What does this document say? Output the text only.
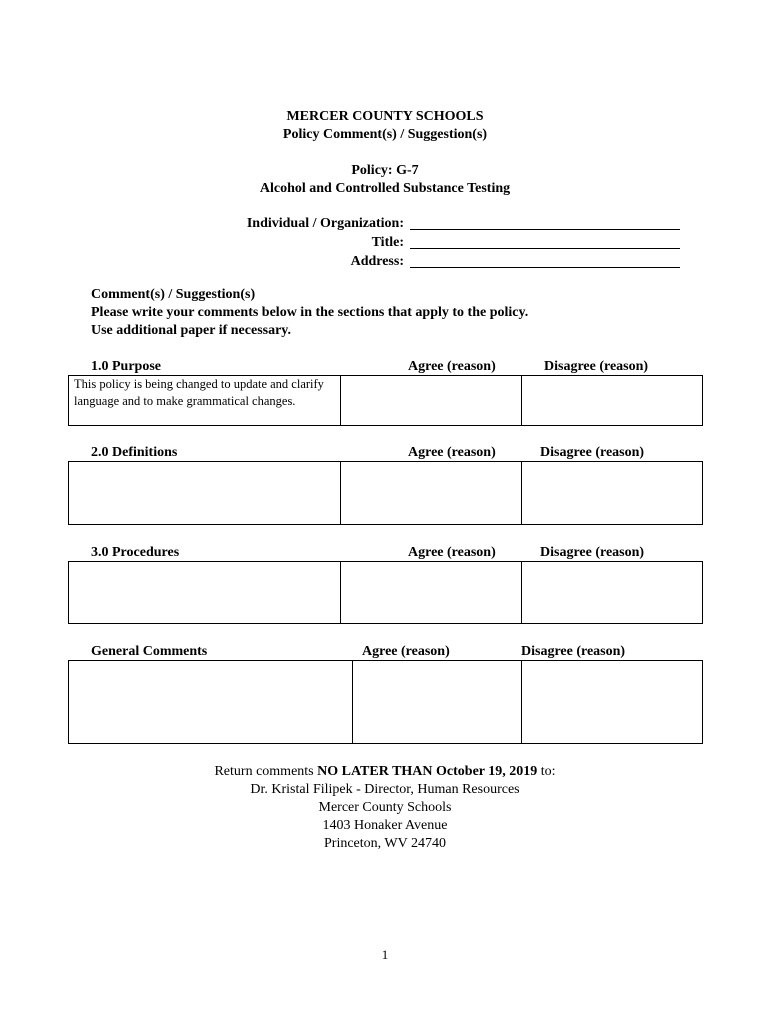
MERCER COUNTY SCHOOLS
Policy Comment(s) / Suggestion(s)
Policy: G-7
Alcohol and Controlled Substance Testing
Individual / Organization:
Title:
Address:
Comment(s) / Suggestion(s)
Please write your comments below in the sections that apply to the policy.
Use additional paper if necessary.
1.0 Purpose	Agree (reason)	Disagree (reason)
This policy is being changed to update and clarify language and to make grammatical changes.
2.0 Definitions	Agree (reason)	Disagree (reason)
3.0 Procedures	Agree (reason)	Disagree (reason)
General Comments	Agree (reason)	Disagree (reason)
Return comments NO LATER THAN October 19, 2019 to:
Dr. Kristal Filipek - Director, Human Resources
Mercer County Schools
1403 Honaker Avenue
Princeton, WV 24740
1
